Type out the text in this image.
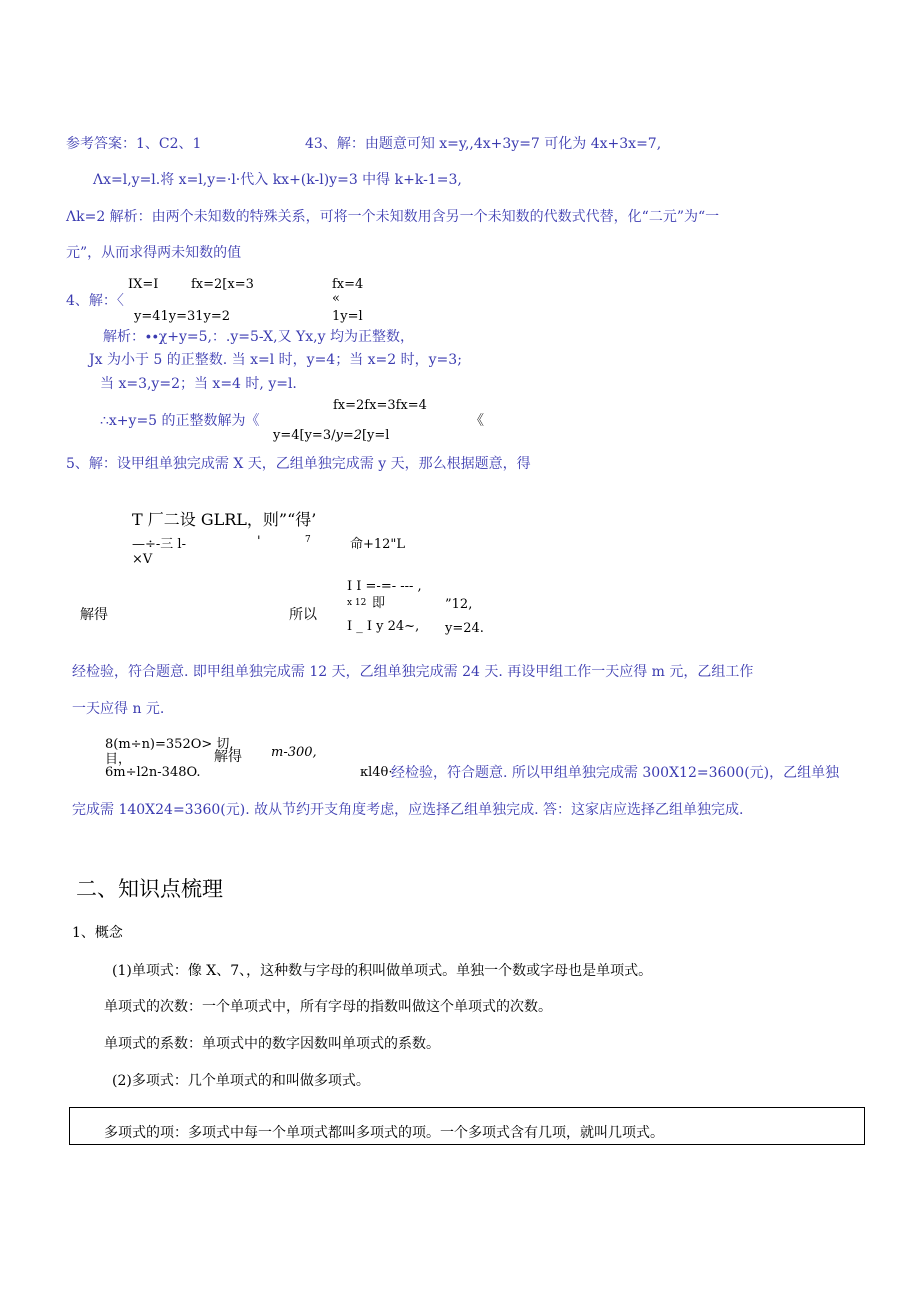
参考答案：1、C2、1	43、解：由题意可知 x=y,,4x+3y=7 可化为 4x+3x=7,
Λx=l,y=l.将 x=l,y=·l·代入 kx+(k-l)y=3 中得 k+k-1=3,
Λk=2 解析：由两个未知数的特殊关系，可将一个未知数用含另一个未知数的代数式代替，化“二元”为“一
元”，从而求得两未知数的值
IX=I	fx=2[x=3	fx=4
4、解：〈	«
y=41y=31y=2	1y=l
解析：∙∙χ+y=5,：.y=5-X,又 Yx,y 均为正整数，
Jx 为小于 5 的正整数. 当 x=l 时，y=4；当 x=2 时，y=3;
当 x=3,y=2；当 x=4 时, y=l.
fx=2fx=3fx=4
∴x+y=5 的正整数解为《	《
y=4[y=3/y=2[y=l
5、解：设甲组单独完成需 X 天，乙组单独完成需 y 天，那么根据题意，得
T 厂二设 GLRL，则”“得’
—÷-三 l-	'	7	命+12"L
×V
I I =-=- --- ,
x 12 即	”12,
解得	所以
I _ I y 24~, y=24.
经检验，符合题意. 即甲组单独完成需 12 天，乙组单独完成需 24 天. 再设甲组工作一天应得 m 元，乙组工作
一天应得 n 元.
8(m÷n)=352O> 切,
m-300,
目，	解得
6m÷l2n-348O.	κl4θ·
经检验，符合题意. 所以甲组单独完成需 300X12=3600(元)，乙组单独
完成需 140X24=3360(元). 故从节约开支角度考虑，应选择乙组单独完成. 答：这家店应选择乙组单独完成.
二、知识点梳理
1、概念
(1)单项式：像 X、7、，这种数与字母的积叫做单项式。单独一个数或字母也是单项式。
单项式的次数：一个单项式中，所有字母的指数叫做这个单项式的次数。
单项式的系数：单项式中的数字因数叫单项式的系数。
(2)多项式：几个单项式的和叫做多项式。
多项式的项：多项式中每一个单项式都叫多项式的项。一个多项式含有几项，就叫几项式。
